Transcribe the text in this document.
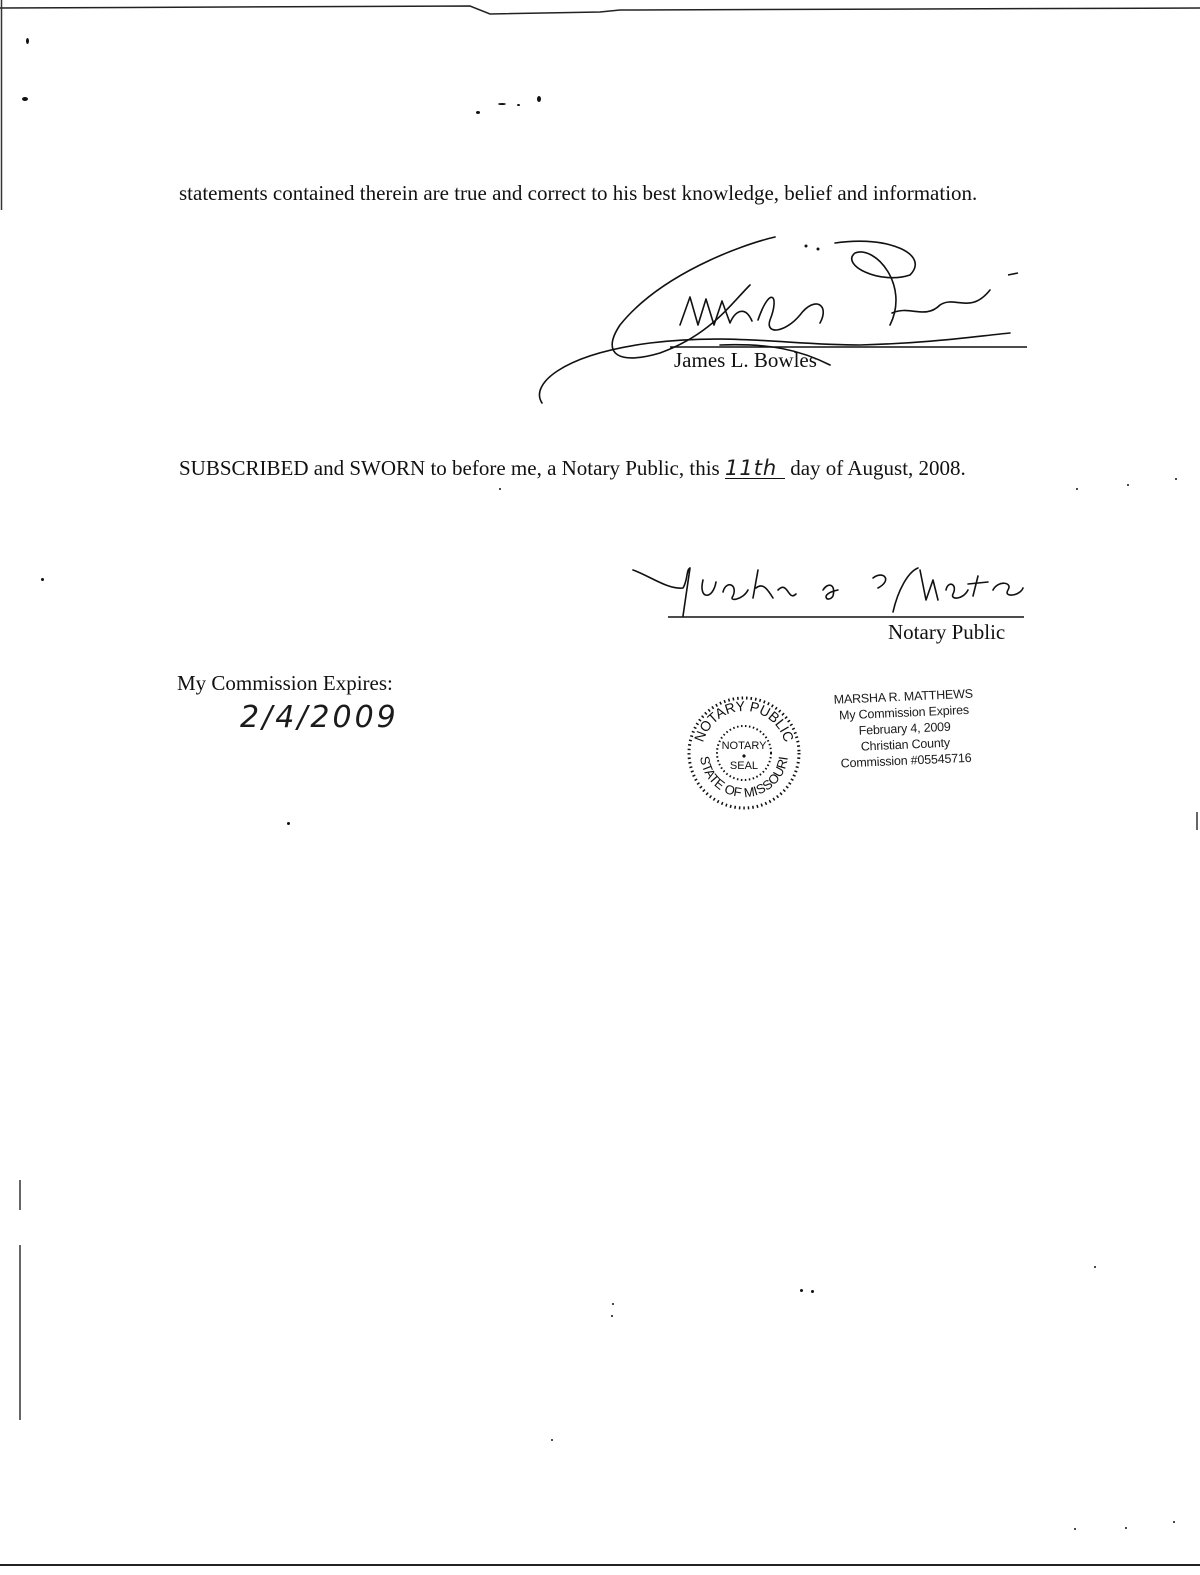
statements contained therein are true and correct to his best knowledge, belief and information.
James L. Bowles
SUBSCRIBED and SWORN to before me, a Notary Public, this 11th day of August, 2008.
Notary Public
My Commission Expires:
2/4/2009
NOTARY PUBLIC
STATE OF MISSOURI
NOTARY
SEAL
MARSHA R. MATTHEWS
My Commission Expires
February 4, 2009
Christian County
Commission #05545716
